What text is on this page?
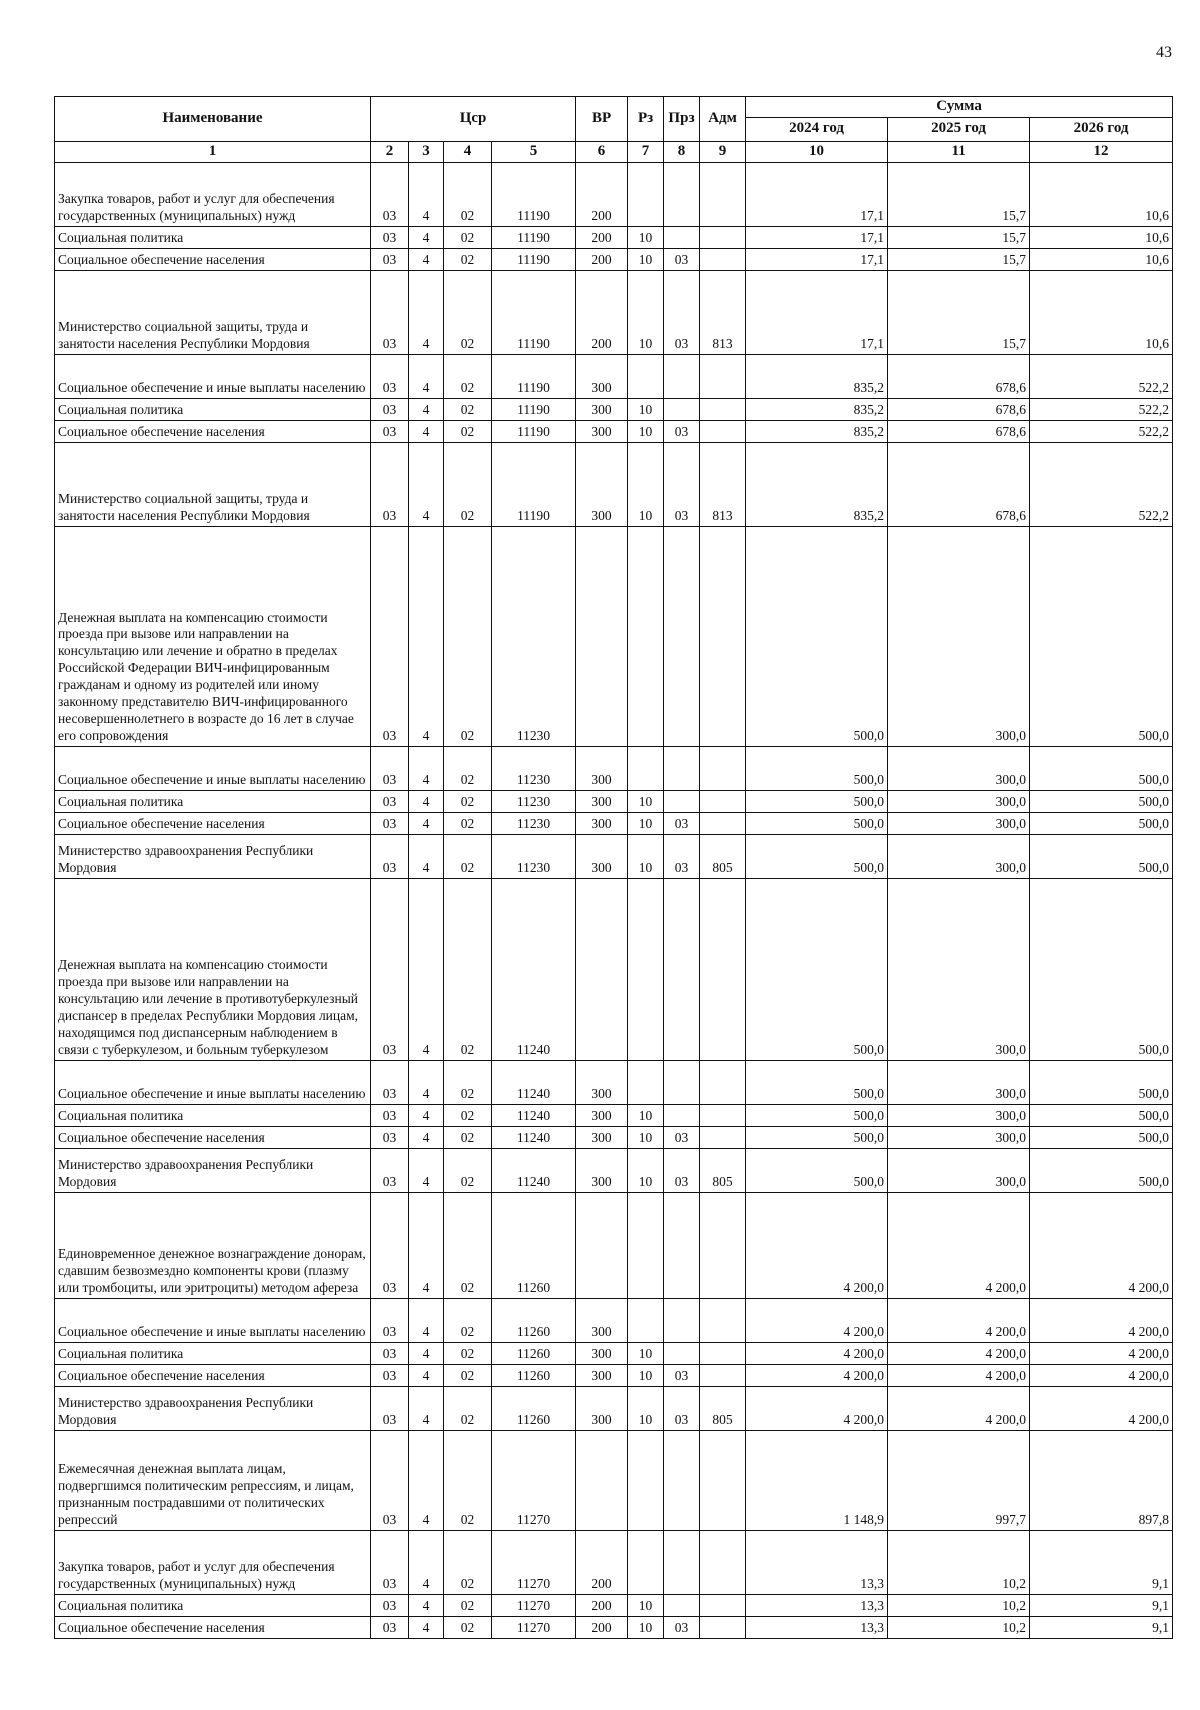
43
Наименование	Цср				ВР	Рз	Прз	Адм	Сумма		
									2024 год	2025 год	2026 год
1	2	3	4	5	6	7	8	9	10	11	12
Закупка товаров, работ и услуг для обеспечения государственных (муниципальных) нужд	03	4	02	11190	200				17,1	15,7	10,6
Социальная политика	03	4	02	11190	200	10			17,1	15,7	10,6
Социальное обеспечение населения	03	4	02	11190	200	10	03		17,1	15,7	10,6
Министерство социальной защиты, труда и занятости населения Республики Мордовия	03	4	02	11190	200	10	03	813	17,1	15,7	10,6
Социальное обеспечение и иные выплаты населению	03	4	02	11190	300				835,2	678,6	522,2
Социальная политика	03	4	02	11190	300	10			835,2	678,6	522,2
Социальное обеспечение населения	03	4	02	11190	300	10	03		835,2	678,6	522,2
Министерство социальной защиты, труда и занятости населения Республики Мордовия	03	4	02	11190	300	10	03	813	835,2	678,6	522,2
Денежная выплата на компенсацию стоимости проезда при вызове или направлении на консультацию или лечение и обратно в пределах Российской Федерации ВИЧ-инфицированным гражданам и одному из родителей или иному законному представителю ВИЧ-инфицированного несовершеннолетнего в возрасте до 16 лет в случае его сопровождения	03	4	02	11230					500,0	300,0	500,0
Социальное обеспечение и иные выплаты населению	03	4	02	11230	300				500,0	300,0	500,0
Социальная политика	03	4	02	11230	300	10			500,0	300,0	500,0
Социальное обеспечение населения	03	4	02	11230	300	10	03		500,0	300,0	500,0
Министерство здравоохранения Республики Мордовия	03	4	02	11230	300	10	03	805	500,0	300,0	500,0
Денежная выплата на компенсацию стоимости проезда при вызове или направлении на консультацию или лечение в противотуберкулезный диспансер в пределах Республики Мордовия лицам, находящимся под диспансерным наблюдением в связи с туберкулезом, и больным туберкулезом	03	4	02	11240					500,0	300,0	500,0
Социальное обеспечение и иные выплаты населению	03	4	02	11240	300				500,0	300,0	500,0
Социальная политика	03	4	02	11240	300	10			500,0	300,0	500,0
Социальное обеспечение населения	03	4	02	11240	300	10	03		500,0	300,0	500,0
Министерство здравоохранения Республики Мордовия	03	4	02	11240	300	10	03	805	500,0	300,0	500,0
Единовременное денежное вознаграждение донорам, сдавшим безвозмездно компоненты крови (плазму или тромбоциты, или эритроциты) методом афереза	03	4	02	11260					4 200,0	4 200,0	4 200,0
Социальное обеспечение и иные выплаты населению	03	4	02	11260	300				4 200,0	4 200,0	4 200,0
Социальная политика	03	4	02	11260	300	10			4 200,0	4 200,0	4 200,0
Социальное обеспечение населения	03	4	02	11260	300	10	03		4 200,0	4 200,0	4 200,0
Министерство здравоохранения Республики Мордовия	03	4	02	11260	300	10	03	805	4 200,0	4 200,0	4 200,0
Ежемесячная денежная выплата лицам, подвергшимся политическим репрессиям, и лицам, признанным пострадавшими от политических репрессий	03	4	02	11270					1 148,9	997,7	897,8
Закупка товаров, работ и услуг для обеспечения государственных (муниципальных) нужд	03	4	02	11270	200				13,3	10,2	9,1
Социальная политика	03	4	02	11270	200	10			13,3	10,2	9,1
Социальное обеспечение населения	03	4	02	11270	200	10	03		13,3	10,2	9,1
